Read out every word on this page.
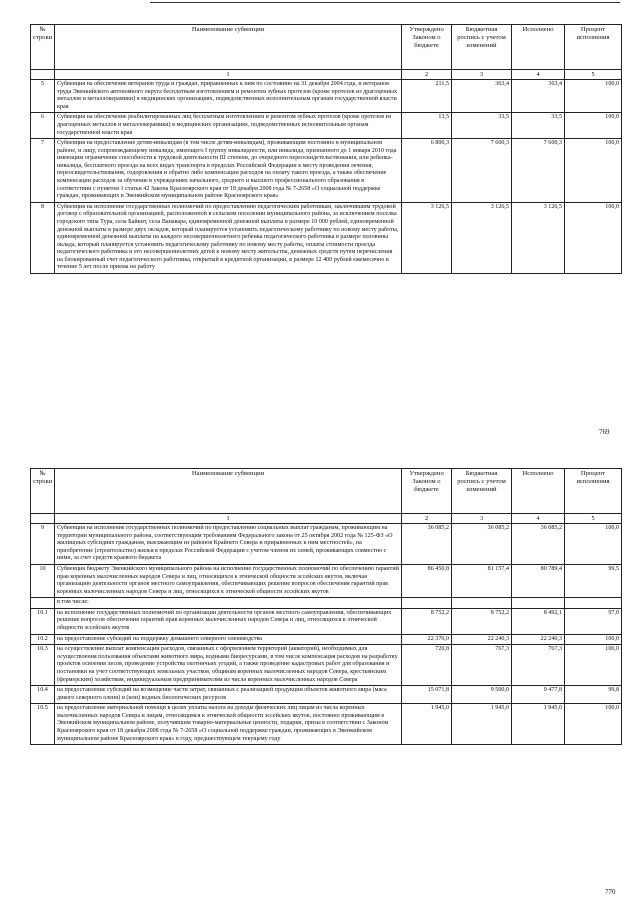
№ строки	Наименование субвенции	Утверждено Законом о бюджете	Бюджетная роспись с учетом изменений	Исполнено	Процент исполнения
	1	2	3	4	5
5	Субвенция на обеспечение ветеранов труда и граждан, приравненных к ним по состоянию на 31 декабря 2004 года, и ветеранов труда Эвенкийского автономного округа бесплатным изготовлением и ремонтом зубных протезов (кроме протезов из драгоценных металлов и металлокерамики) в медицинских организациях, подведомственных исполнительным органам государственной власти края	211,5	363,4	363,4	100,0
6	Субвенция на обеспечение реабилитированных лиц бесплатным изготовлением и ремонтом зубных протезов (кроме протезов из драгоценных металлов и металлокерамики) в медицинских организациях, подведомственных исполнительным органам государственной власти края	13,5	33,5	33,5	100,0
7	Субвенция на предоставление детям-инвалидам (в том числе детям-инвалидам), проживающим постоянно в муниципальном районе, и лицу, сопровождающему инвалида, имеющего I группу инвалидности, или инвалида, признанного до 1 января 2010 года имеющим ограничение способности к трудовой деятельности III степени, до очередного переосвидетельствования, или ребенка-инвалида, бесплатного проезда на всех видах транспорта в пределах Российской Федерации к месту проведения лечения, переосвидетельствования, оздоровления и обратно либо компенсации расходов на оплату такого проезда, а также обеспечение компенсации расходов за обучение в учреждениях начального, среднего и высшего профессионального образования в соответствии с пунктом 1 статьи 42 Закона Красноярского края от 18 декабря 2008 года № 7-2658 «О социальной поддержке граждан, проживающих в Эвенкийском муниципальном районе Красноярского края»	6 800,3	7 600,3	7 600,3	100,0
8	Субвенция на исполнение государственных полномочий по предоставлению педагогическим работникам, заключившим трудовой договор с образовательной организацией, расположенной в сельском поселении муниципального района, за исключением поселка городского типа Тура, села Байкит, села Ванавара, единовременной денежной выплаты в размере 10 000 рублей, единовременной денежной выплаты в размере двух окладов, который планируется установить педагогическому работнику по новому месту работы, единовременной денежной выплаты на каждого несовершеннолетнего ребенка педагогического работника в размере половины оклада, который планируется установить педагогическому работнику по новому месту работы, оплаты стоимости проезда педагогического работника и его несовершеннолетних детей к новому месту жительства, денежных средств путем перечисления на блокированный счет педагогического работника, открытый в кредитной организации, в размере 12 400 рублей ежемесячно в течение 5 лет после приема на работу	3 126,5	3 126,5	3 126,5	100,0
769
№ строки	Наименование субвенции	Утверждено Законом о бюджете	Бюджетная роспись с учетом изменений	Исполнено	Процент исполнения
	1	2	3	4	5
9	Субвенция на исполнение государственных полномочий по предоставлению социальных выплат гражданам, проживающим на территории муниципального района, соответствующим требованиям Федерального закона от 25 октября 2002 года № 125-ФЗ «О жилищных субсидиях гражданам, выезжающим из районов Крайнего Севера и приравненных к ним местностей», на приобретение (строительство) жилья в пределах Российской Федерации с учетом членов их семей, проживающих совместно с ними, за счет средств краевого бюджета	36 085,2	36 085,2	36 085,2	100,0
10	Субвенция бюджету Эвенкийского муниципального района на исполнение государственных полномочий по обеспечению гарантий прав коренных малочисленных народов Севера и лиц, относящихся к этнической общности эссейских якутов, включая организацию деятельности органов местного самоуправления, обеспечивающих решение вопросов обеспечения гарантий прав коренных малочисленных народов Севера и лиц, относящихся к этнической общности эссейских якутов	86 450,8	81 157,4	80 789,4	99,5
	в том числе:				
10.1	на исполнение государственных полномочий по организации деятельности органов местного самоуправления, обеспечивающих решение вопросов обеспечения гарантий прав коренных малочисленных народов Севера и лиц, относящихся к этнической общности эссейских якутов	8 752,2	8 752,2	8 492,1	97,0
10.2	на предоставление субсидий на поддержку домашнего северного оленеводства	22 376,0	22 240,3	22 240,3	100,0
10.3	на осуществление выплат компенсации расходов, связанных с оформлением территорий (акваторий), необходимых для осуществления пользования объектами животного мира, водными биоресурсами, в том числе компенсация расходов на разработку проектов освоения лесов, проведение устройства охотничьих угодий, а также проведение кадастровых работ для образования и постановки на учет соответствующих земельных участков, общинам коренных малочисленных народов Севера, крестьянским (фермерским) хозяйствам, индивидуальным предпринимателям из числа коренных малочисленных народов Севера	720,8	767,3	767,3	100,0
10.4	на предоставление субсидий на возмещение части затрат, связанных с реализацией продукции объектов животного мира (мяса дикого северного оленя) и (или) водных биологических ресурсов	15 071,8	9 500,0	9 477,8	99,8
10.5	на предоставление материальной помощи в целях уплаты налога на доходы физических лиц лицам из числа коренных малочисленных народов Севера и лицам, относящимся к этнической общности эссейских якутов, постоянно проживающим в Эвенкийском муниципальном районе, получившим товарно-материальные ценности, подарки, призы в соответствии с Законом Красноярского края от 18 декабря 2008 года № 7-2658 «О социальной поддержке граждан, проживающих в Эвенкийском муниципальном районе Красноярского края» в году, предшествующем текущему году	1 945,0	1 945,0	1 945,0	100,0
770
